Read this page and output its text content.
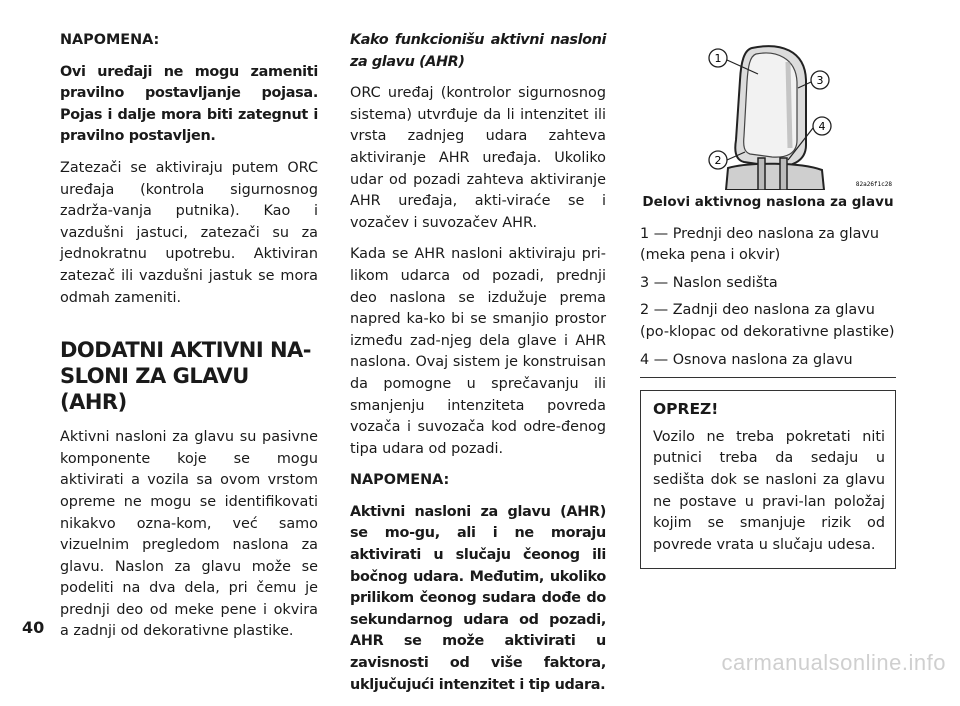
NAPOMENA:

Ovi uređaji ne mogu zameniti pravilno postavljanje pojasa. Pojas i dalje mora biti zategnut i pravilno postavljen.

Zatezači se aktiviraju putem ORC uređaja (kontrola sigurnosnog zadrža-vanja putnika). Kao i vazdušni jastuci, zatezači su za jednokratnu upotrebu. Aktiviran zatezač ili vazdušni jastuk se mora odmah zameniti.

DODATNI AKTIVNI NA-SLONI ZA GLAVU (AHR)

Aktivni nasloni za glavu su pasivne komponente koje se mogu aktivirati a vozila sa ovom vrstom opreme ne mogu se identifikovati nikakvo ozna-kom, već samo vizuelnim pregledom naslona za glavu. Naslon za glavu može se podeliti na dva dela, pri čemu je prednji deo od meke pene i okvira a zadnji od dekorativne plastike.

Kako funkcionišu aktivni nasloni za glavu (AHR)

ORC uređaj (kontrolor sigurnosnog sistema) utvrđuje da li intenzitet ili vrsta zadnjeg udara zahteva aktiviranje AHR uređaja. Ukoliko udar od pozadi zahteva aktiviranje AHR uređaja, akti-viraće se i vozačev i suvozačev AHR.

Kada se AHR nasloni aktiviraju pri-likom udarca od pozadi, prednji deo naslona se izdužuje prema napred ka-ko bi se smanjio prostor između zad-njeg dela glave i AHR naslona. Ovaj sistem je konstruisan da pomogne u sprečavanju ili smanjenju intenziteta povreda vozača i suvozača kod odre-đenog tipa udara od pozadi.

NAPOMENA:

Aktivni nasloni za glavu (AHR) se mo-gu, ali i ne moraju aktivirati u slučaju čeonog ili bočnog udara. Međutim, ukoliko prilikom čeonog sudara dođe do sekundarnog udara od pozadi, AHR se može aktivirati u zavisnosti od više faktora, uključujući intenzitet i tip udara.

1
3
4
2
82a26f1c28
Delovi aktivnog naslona za glavu
1 — Prednji deo naslona za glavu (meka pena i okvir)
3 — Naslon sedišta
2 — Zadnji deo naslona za glavu (po-klopac od dekorativne plastike)
4 — Osnova naslona za glavu
OPREZ!

Vozilo ne treba pokretati niti putnici treba da sedaju u sedišta dok se nasloni za glavu ne postave u pravi-lan položaj kojim se smanjuje rizik od povrede vrata u slučaju udesa.

40
carmanualsonline.info
